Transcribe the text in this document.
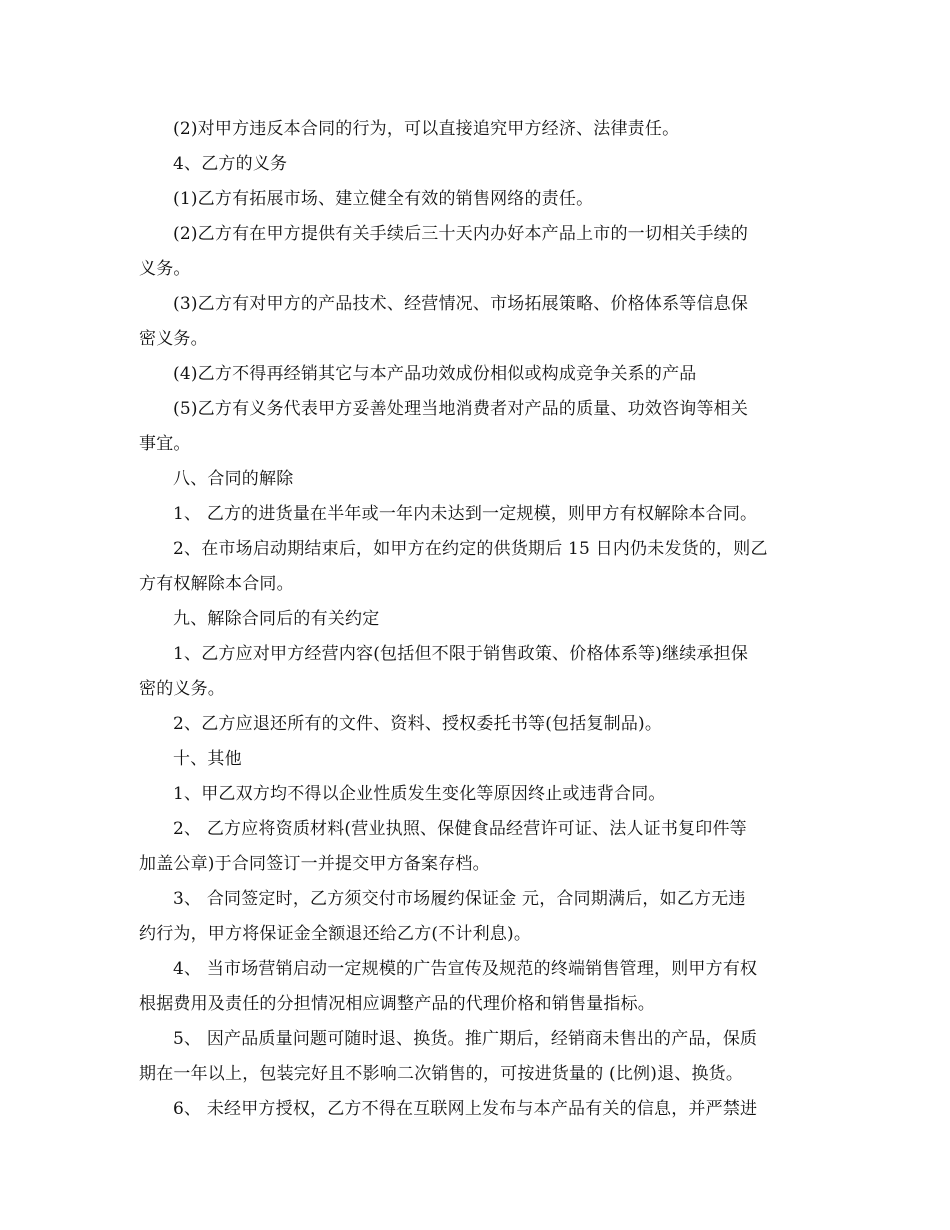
(2)对甲方违反本合同的行为，可以直接追究甲方经济、法律责任。
4、乙方的义务
(1)乙方有拓展市场、建立健全有效的销售网络的责任。
(2)乙方有在甲方提供有关手续后三十天内办好本产品上市的一切相关手续的
义务。
(3)乙方有对甲方的产品技术、经营情况、市场拓展策略、价格体系等信息保
密义务。
(4)乙方不得再经销其它与本产品功效成份相似或构成竞争关系的产品
(5)乙方有义务代表甲方妥善处理当地消费者对产品的质量、功效咨询等相关
事宜。
八、合同的解除
1、 乙方的进货量在半年或一年内未达到一定规模，则甲方有权解除本合同。
2、在市场启动期结束后，如甲方在约定的供货期后 15 日内仍未发货的，则乙
方有权解除本合同。
九、解除合同后的有关约定
1、乙方应对甲方经营内容(包括但不限于销售政策、价格体系等)继续承担保
密的义务。
2、乙方应退还所有的文件、资料、授权委托书等(包括复制品)。
十、其他
1、甲乙双方均不得以企业性质发生变化等原因终止或违背合同。
2、 乙方应将资质材料(营业执照、保健食品经营许可证、法人证书复印件等
加盖公章)于合同签订一并提交甲方备案存档。
3、 合同签定时，乙方须交付市场履约保证金 元，合同期满后，如乙方无违
约行为，甲方将保证金全额退还给乙方(不计利息)。
4、 当市场营销启动一定规模的广告宣传及规范的终端销售管理，则甲方有权
根据费用及责任的分担情况相应调整产品的代理价格和销售量指标。
5、 因产品质量问题可随时退、换货。推广期后，经销商未售出的产品，保质
期在一年以上，包装完好且不影响二次销售的，可按进货量的 (比例)退、换货。
6、 未经甲方授权，乙方不得在互联网上发布与本产品有关的信息，并严禁进
